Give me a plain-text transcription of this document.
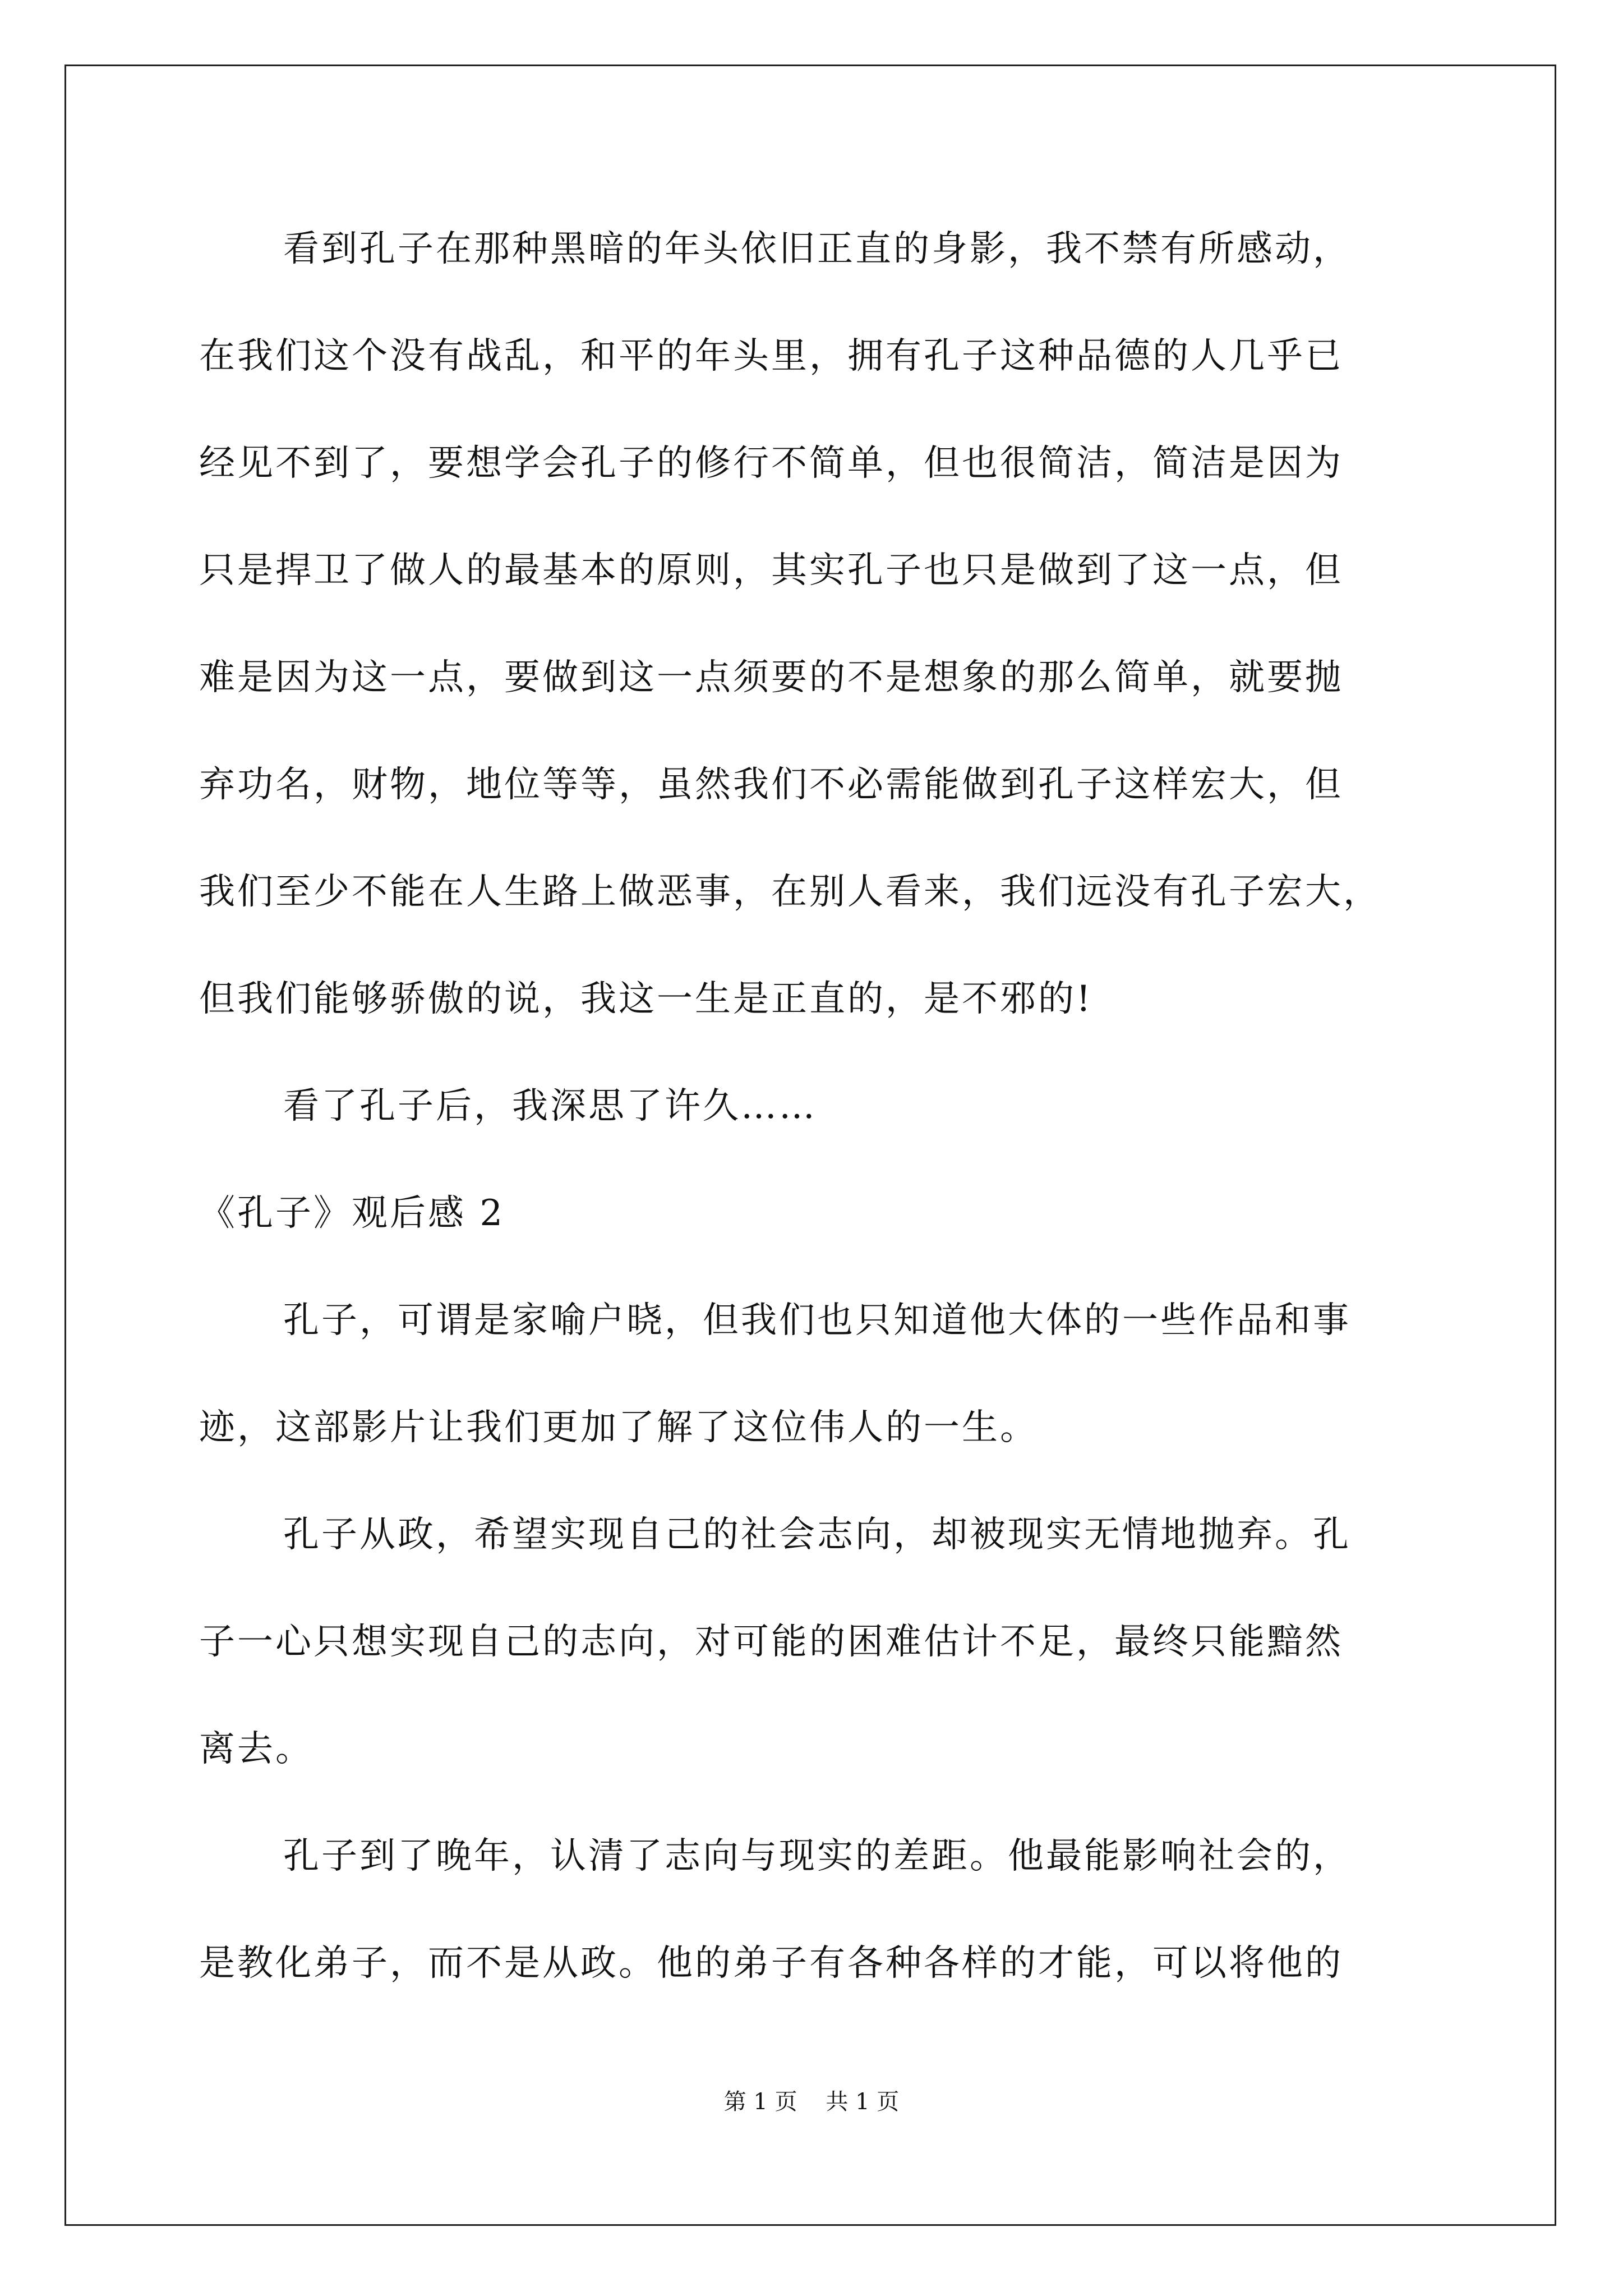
看到孔子在那种黑暗的年头依旧正直的身影，我不禁有所感动，
在我们这个没有战乱，和平的年头里，拥有孔子这种品德的人几乎已
经见不到了，要想学会孔子的修行不简单，但也很简洁，简洁是因为
只是捍卫了做人的最基本的原则，其实孔子也只是做到了这一点，但
难是因为这一点，要做到这一点须要的不是想象的那么简单，就要抛
弃功名，财物，地位等等，虽然我们不必需能做到孔子这样宏大，但
我们至少不能在人生路上做恶事，在别人看来，我们远没有孔子宏大，
但我们能够骄傲的说，我这一生是正直的，是不邪的!
看了孔子后，我深思了许久……
《孔子》观后感 2
孔子，可谓是家喻户晓，但我们也只知道他大体的一些作品和事
迹，这部影片让我们更加了解了这位伟人的一生。
孔子从政，希望实现自己的社会志向，却被现实无情地抛弃。孔
子一心只想实现自己的志向，对可能的困难估计不足，最终只能黯然
离去。
孔子到了晚年，认清了志向与现实的差距。他最能影响社会的，
是教化弟子，而不是从政。他的弟子有各种各样的才能，可以将他的
第 1 页    共 1 页
